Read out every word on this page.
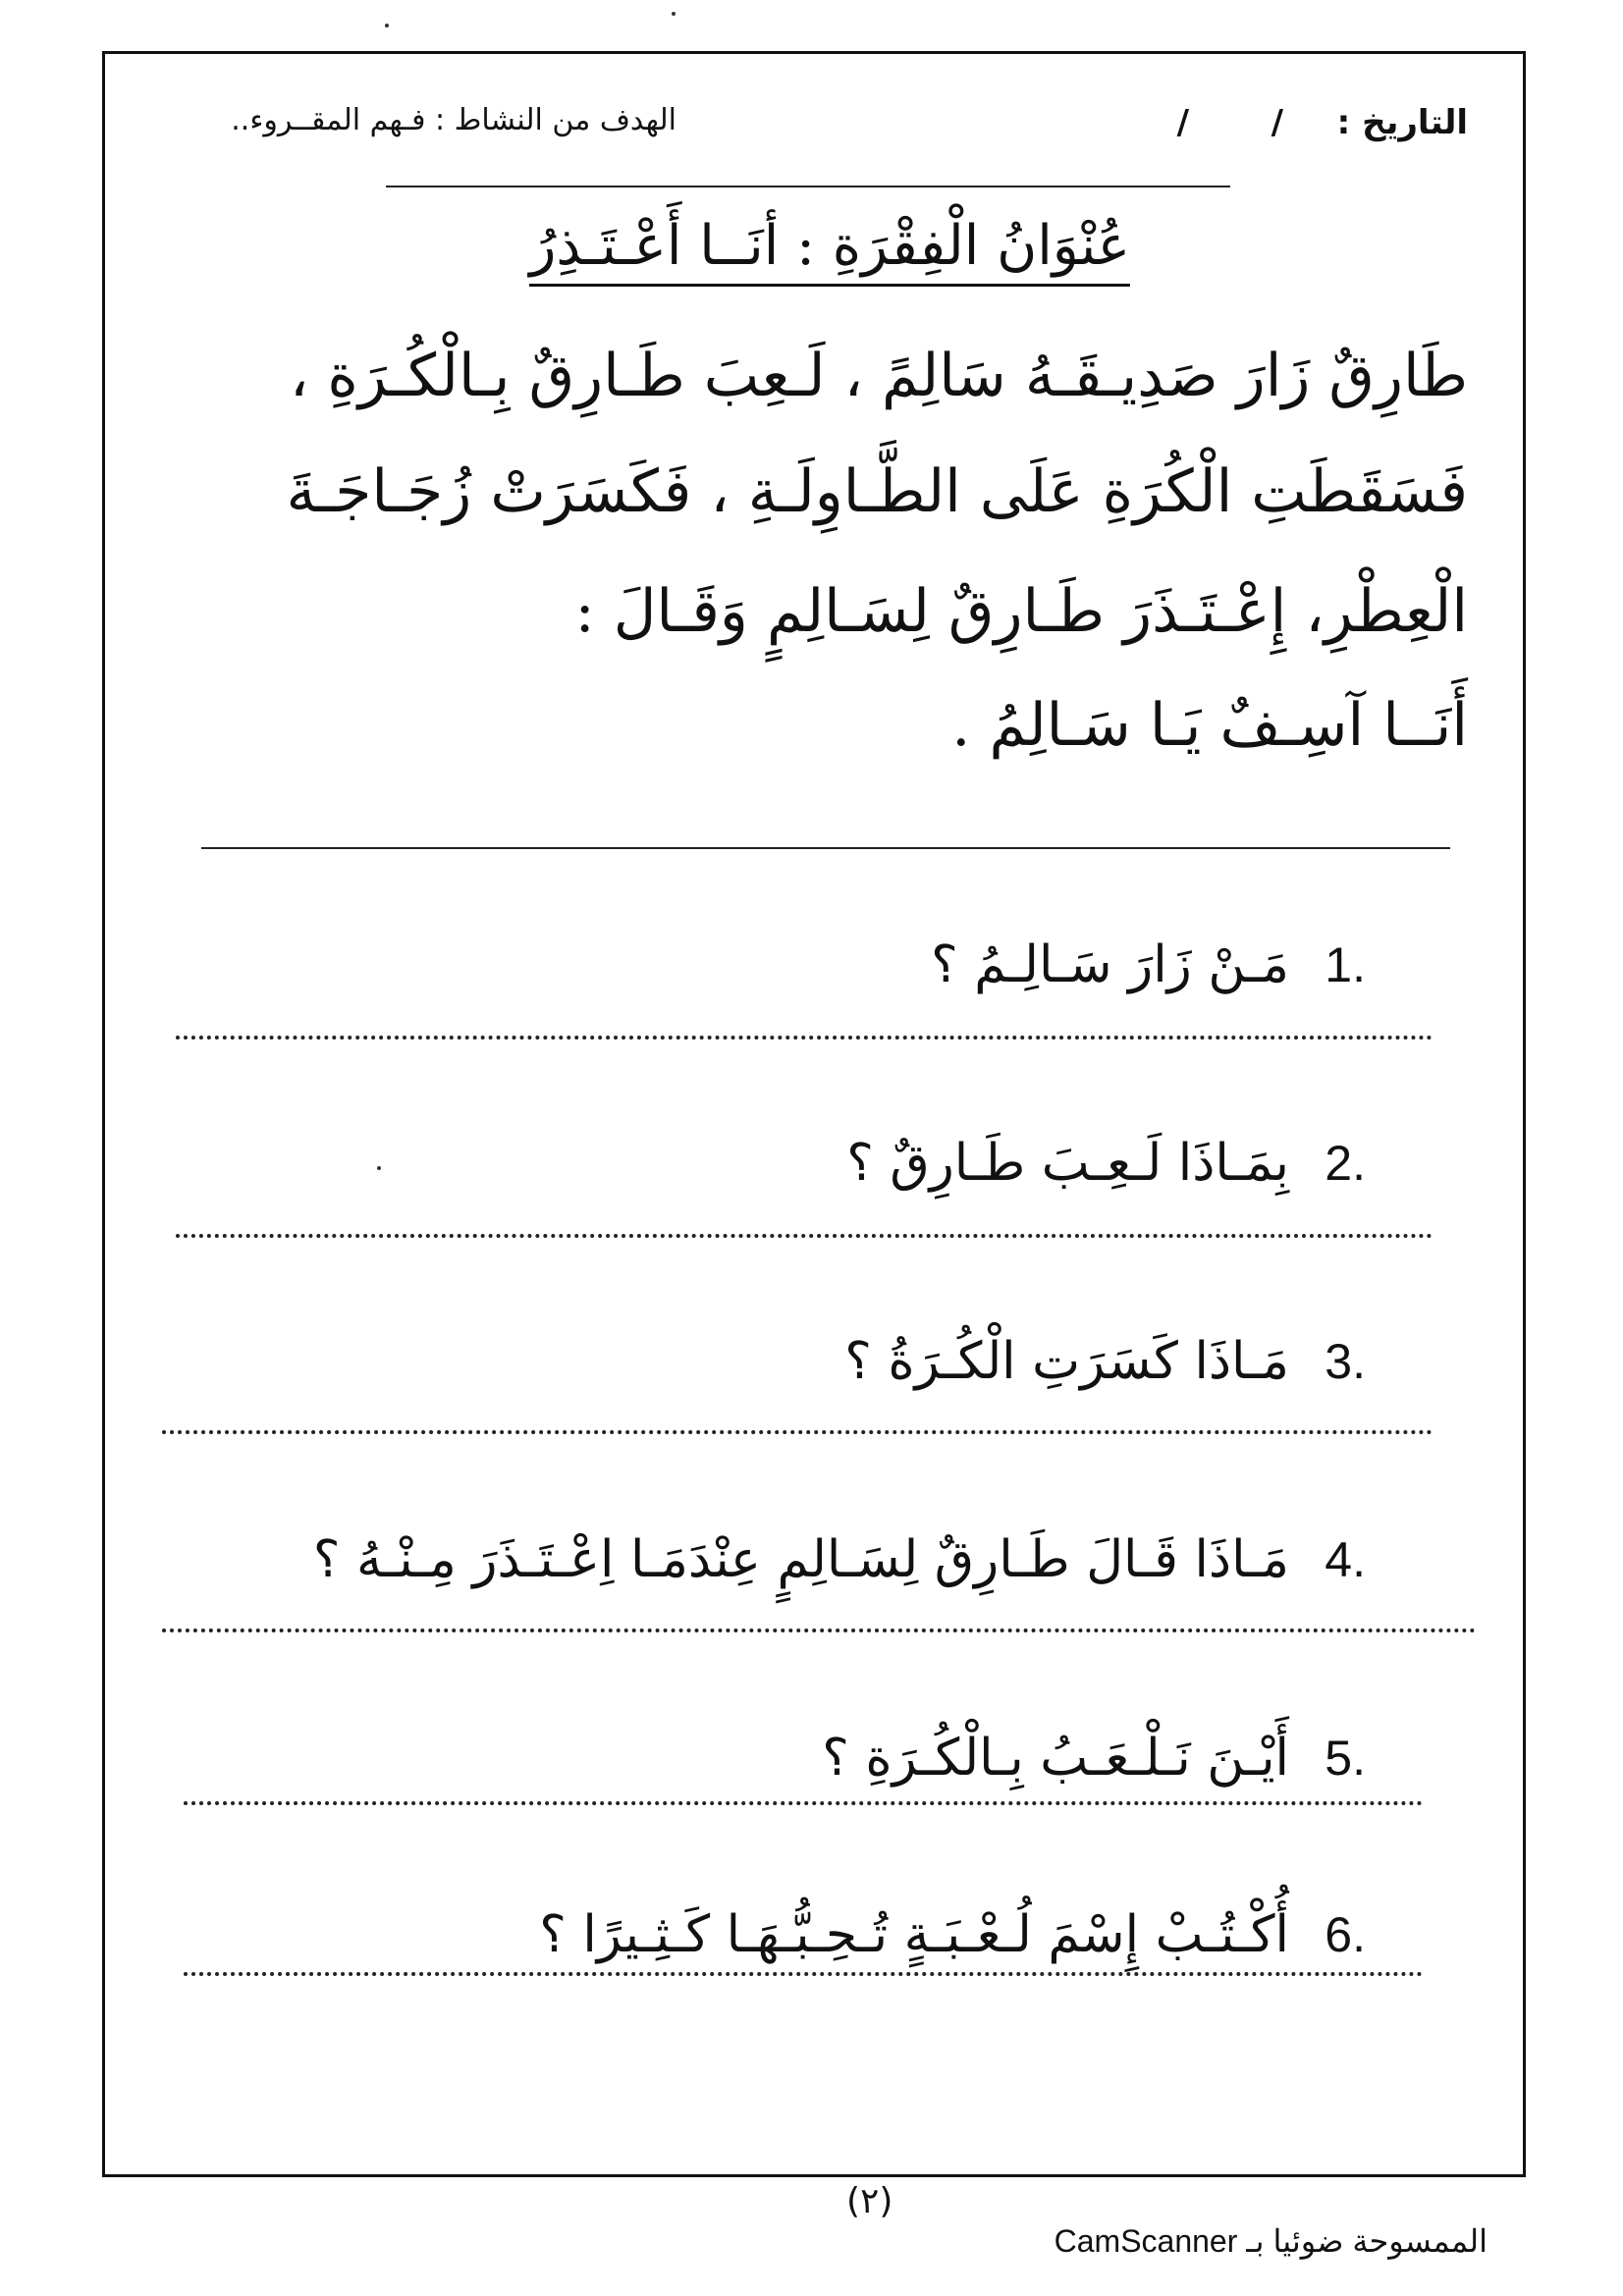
التاريخ :
/
/
الهدف من النشاط : فـهم المقــروء..
عُنْوَانُ الْفِقْرَةِ : أنَــا أَعْـتَـذِرُ
طَارِقٌ زَارَ صَدِيـقَـهُ سَالِمً ، لَـعِبَ طَـارِقٌ بِـالْكُـرَةِ ،
فَسَقَطَتِ الْكُرَةِ عَلَى الطَّـاوِلَـةِ ، فَكَسَرَتْ زُجَـاجَـةَ
الْعِطْرِ، إِعْـتَـذَرَ طَـارِقٌ لِسَـالِمٍ وَقَـالَ :
أَنَــا آسِـفٌ يَـا سَـالِمُ .
1.
مَـنْ زَارَ سَـالِـمُ ؟
2.
بِمَـاذَا لَـعِـبَ طَـارِقٌ ؟
3.
مَـاذَا كَسَرَتِ الْكُـرَةُ ؟
4.
مَـاذَا قَـالَ طَـارِقٌ لِسَـالِمٍ عِنْدَمَـا اِعْـتَـذَرَ مِـنْـهُ ؟
5.
أَيْـنَ نَـلْـعَـبُ بِـالْكُـرَةِ ؟
6.
أُكْـتُـبْ إِسْمَ لُـعْـبَـةٍ تُـحِـبُّـهَـا كَـثِـيرًا ؟
(٢)
الممسوحة ضوئيا بـ CamScanner
